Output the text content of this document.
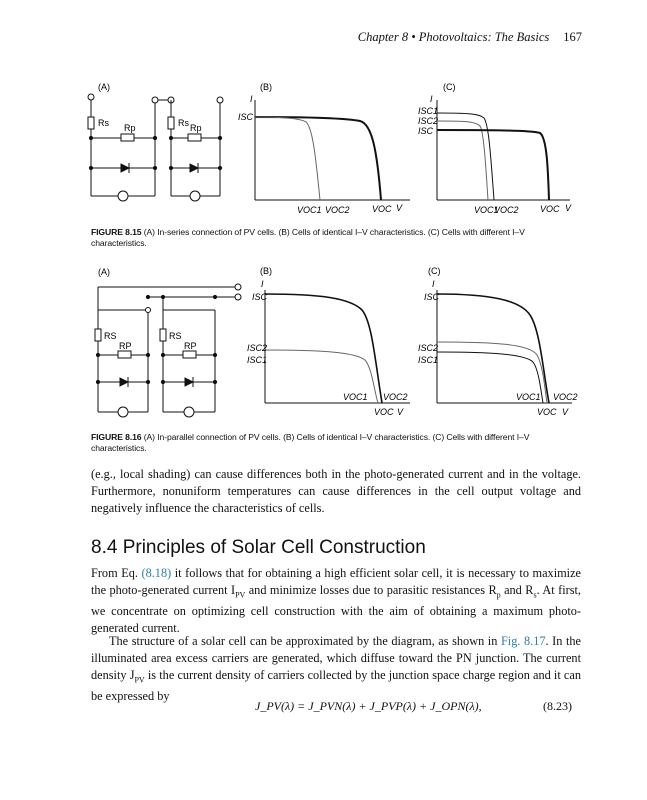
Chapter 8 • Photovoltaics: The Basics 167
(A)
Rs Rp	Rs Rp
(B)
I
ISC
VOC1 VOC2 VOC V
(C)
I
ISC1
ISC2
ISC
VOC1
VOC2 VOC V
FIGURE 8.15 (A) In-series connection of PV cells. (B) Cells of identical I–V characteristics. (C) Cells with different I–V characteristics.
(A)
RS
RP
RS
RP
(B)
I
ISC
ISC2
ISC1
VOC1 VOC2
VOC V
(C)
I
ISC
ISC2
ISC1
VOC1 VOC2
VOC V
FIGURE 8.16 (A) In-parallel connection of PV cells. (B) Cells of identical I–V characteristics. (C) Cells with different I–V characteristics.
(e.g., local shading) can cause differences both in the photo-generated current and in the voltage. Furthermore, nonuniform temperatures can cause differences in the cell output voltage and negatively influence the characteristics of cells.
8.4 Principles of Solar Cell Construction
From Eq. (8.18) it follows that for obtaining a high efficient solar cell, it is necessary to maximize the photo-generated current $I_{PV}$ and minimize losses due to parasitic resistances $R_p$ and $R_s$. At first, we concentrate on optimizing cell construction with the aim of obtaining a maximum photo-generated current.
The structure of a solar cell can be approximated by the diagram, as shown in Fig. 8.17. In the illuminated area excess carriers are generated, which diffuse toward the PN junction. The current density $J_{PV}$ is the current density of carriers collected by the junction space charge region and it can be expressed by
J_PV(λ) = J_PVN(λ) + J_PVP(λ) + J_OPN(λ),	(8.23)
